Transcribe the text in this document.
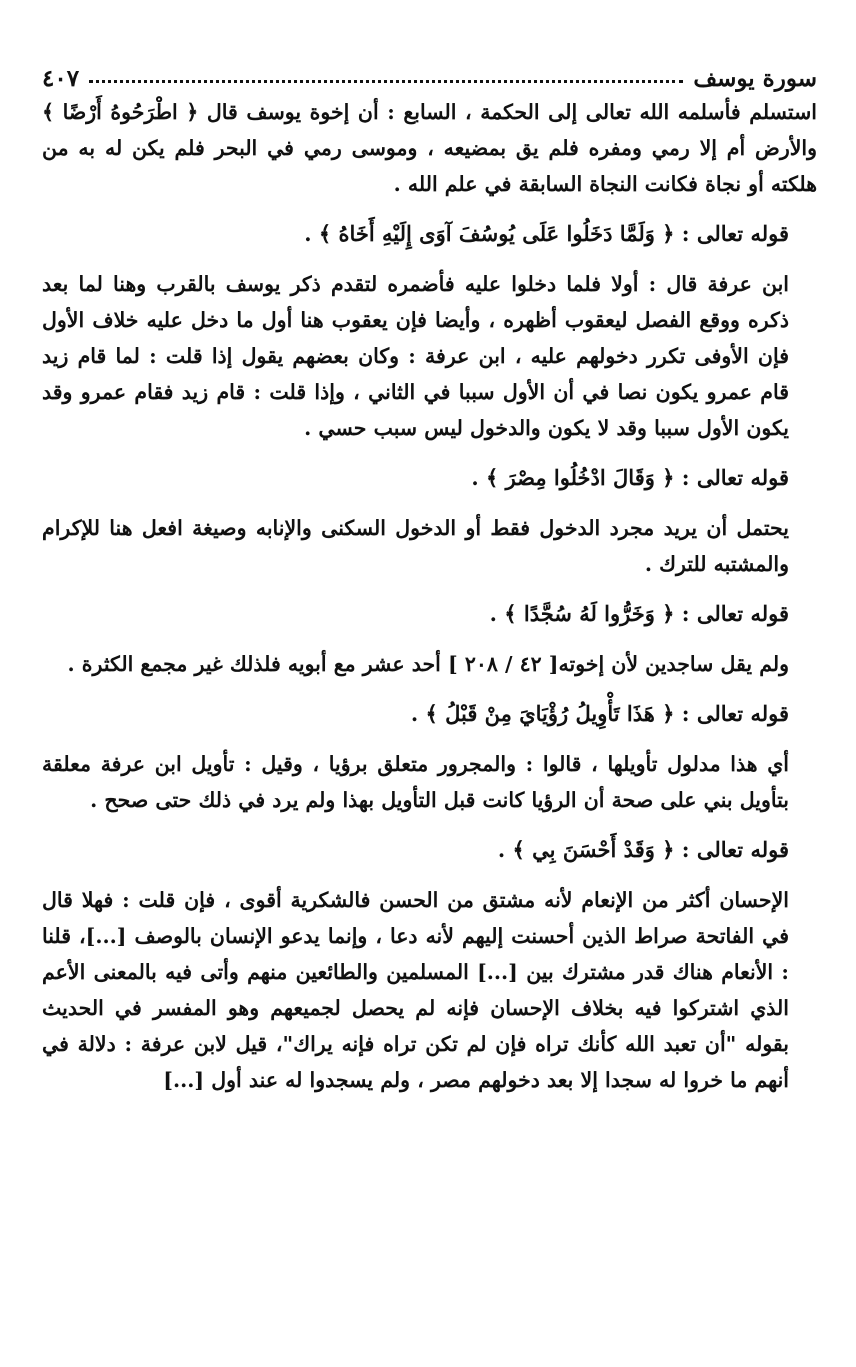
سورة يوسف
٤٠٧

استسلم فأسلمه الله تعالى إلى الحكمة ، السابع : أن إخوة يوسف قال ﴿ اطْرَحُوهُ أَرْضًا ﴾ والأرض أم إلا رمي ومفره فلم يق بمضيعه ، وموسى رمي في البحر فلم يكن له به من هلكته أو نجاة فكانت النجاة السابقة في علم الله .

قوله تعالى : ﴿ وَلَمَّا دَخَلُوا عَلَى يُوسُفَ آوَى إِلَيْهِ أَخَاهُ ﴾ .

ابن عرفة قال : أولا فلما دخلوا عليه فأضمره لتقدم ذكر يوسف بالقرب وهنا لما بعد ذكره ووقع الفصل ليعقوب أظهره ، وأيضا فإن يعقوب هنا أول ما دخل عليه خلاف الأول فإن الأوفى تكرر دخولهم عليه ، ابن عرفة : وكان بعضهم يقول إذا قلت : لما قام زيد قام عمرو يكون نصا في أن الأول سببا في الثاني ، وإذا قلت : قام زيد فقام عمرو وقد يكون الأول سببا وقد لا يكون والدخول ليس سبب حسي .

قوله تعالى : ﴿ وَقَالَ ادْخُلُوا مِصْرَ ﴾ .

يحتمل أن يريد مجرد الدخول فقط أو الدخول السكنى والإنابه وصيغة افعل هنا للإكرام والمشتبه للترك .

قوله تعالى : ﴿ وَخَرُّوا لَهُ سُجَّدًا ﴾ .

ولم يقل ساجدين لأن إخوته[ ٤٢ / ٢٠٨ ] أحد عشر مع أبويه فلذلك غير مجمع الكثرة .

قوله تعالى : ﴿ هَذَا تَأْوِيلُ رُؤْيَايَ مِنْ قَبْلُ ﴾ .

أي هذا مدلول تأويلها ، قالوا : والمجرور متعلق برؤيا ، وقيل : تأويل ابن عرفة معلقة بتأويل بني على صحة أن الرؤيا كانت قبل التأويل بهذا ولم يرد في ذلك حتى صحح .

قوله تعالى : ﴿ وَقَدْ أَحْسَنَ بِي ﴾ .

الإحسان أكثر من الإنعام لأنه مشتق من الحسن فالشكرية أقوى ، فإن قلت : فهلا قال في الفاتحة صراط الذين أحسنت إليهم لأنه دعا ، وإنما يدعو الإنسان بالوصف [...]، قلنا : الأنعام هناك قدر مشترك بين [...] المسلمين والطائعين منهم وأتى فيه بالمعنى الأعم الذي اشتركوا فيه بخلاف الإحسان فإنه لم يحصل لجميعهم وهو المفسر في الحديث بقوله "أن تعبد الله كأنك تراه فإن لم تكن تراه فإنه يراك"، قيل لابن عرفة : دلالة في أنهم ما خروا له سجدا إلا بعد دخولهم مصر ، ولم يسجدوا له عند أول [...]
